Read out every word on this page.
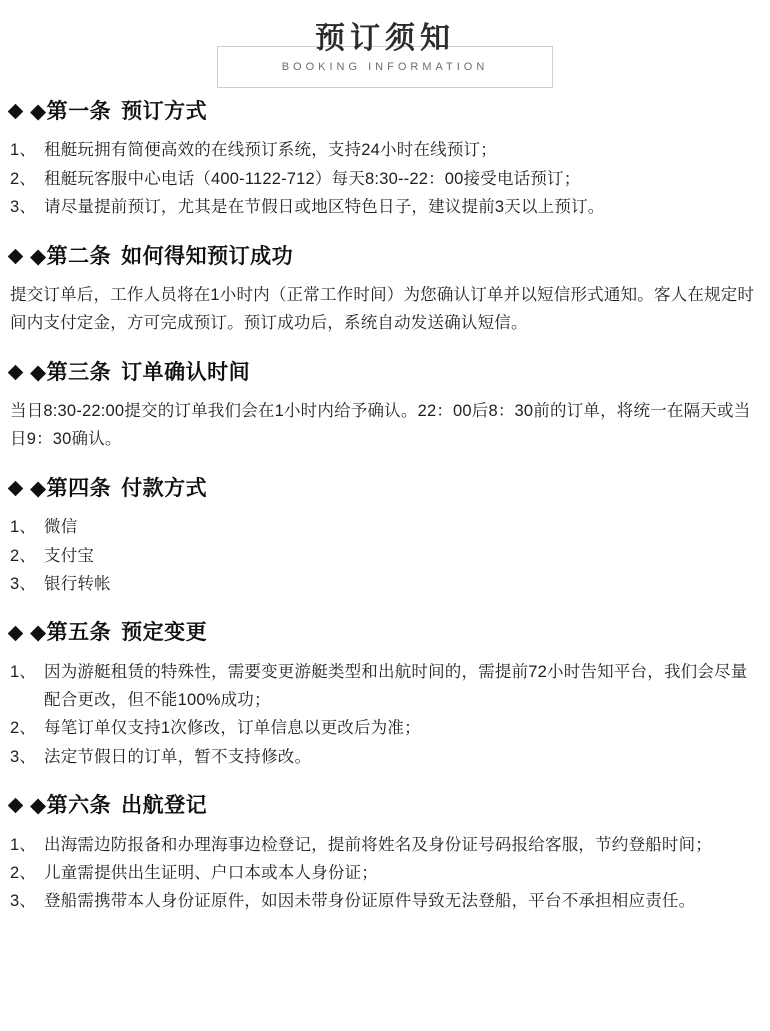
预订须知
BOOKING INFORMATION
◆第一条 预订方式
1、 租艇玩拥有简便高效的在线预订系统，支持24小时在线预订；
2、 租艇玩客服中心电话（400-1122-712）每天8:30--22：00接受电话预订；
3、 请尽量提前预订，尤其是在节假日或地区特色日子，建议提前3天以上预订。
◆第二条 如何得知预订成功

提交订单后，工作人员将在1小时内（正常工作时间）为您确认订单并以短信形式通知。客人在规定时间内支付定金，方可完成预订。预订成功后，系统自动发送确认短信。

◆第三条 订单确认时间

当日8:30-22:00提交的订单我们会在1小时内给予确认。22：00后8：30前的订单，将统一在隔天或当日9：30确认。

◆第四条 付款方式
1、 微信
2、 支付宝
3、 银行转帐
◆第五条 预定变更
1、 因为游艇租赁的特殊性，需要变更游艇类型和出航时间的，需提前72小时告知平台，我们会尽量配合更改，但不能100%成功；
2、 每笔订单仅支持1次修改，订单信息以更改后为准；
3、 法定节假日的订单，暂不支持修改。
◆第六条 出航登记
1、 出海需边防报备和办理海事边检登记，提前将姓名及身份证号码报给客服，节约登船时间；
2、 儿童需提供出生证明、户口本或本人身份证；
3、 登船需携带本人身份证原件，如因未带身份证原件导致无法登船，平台不承担相应责任。
